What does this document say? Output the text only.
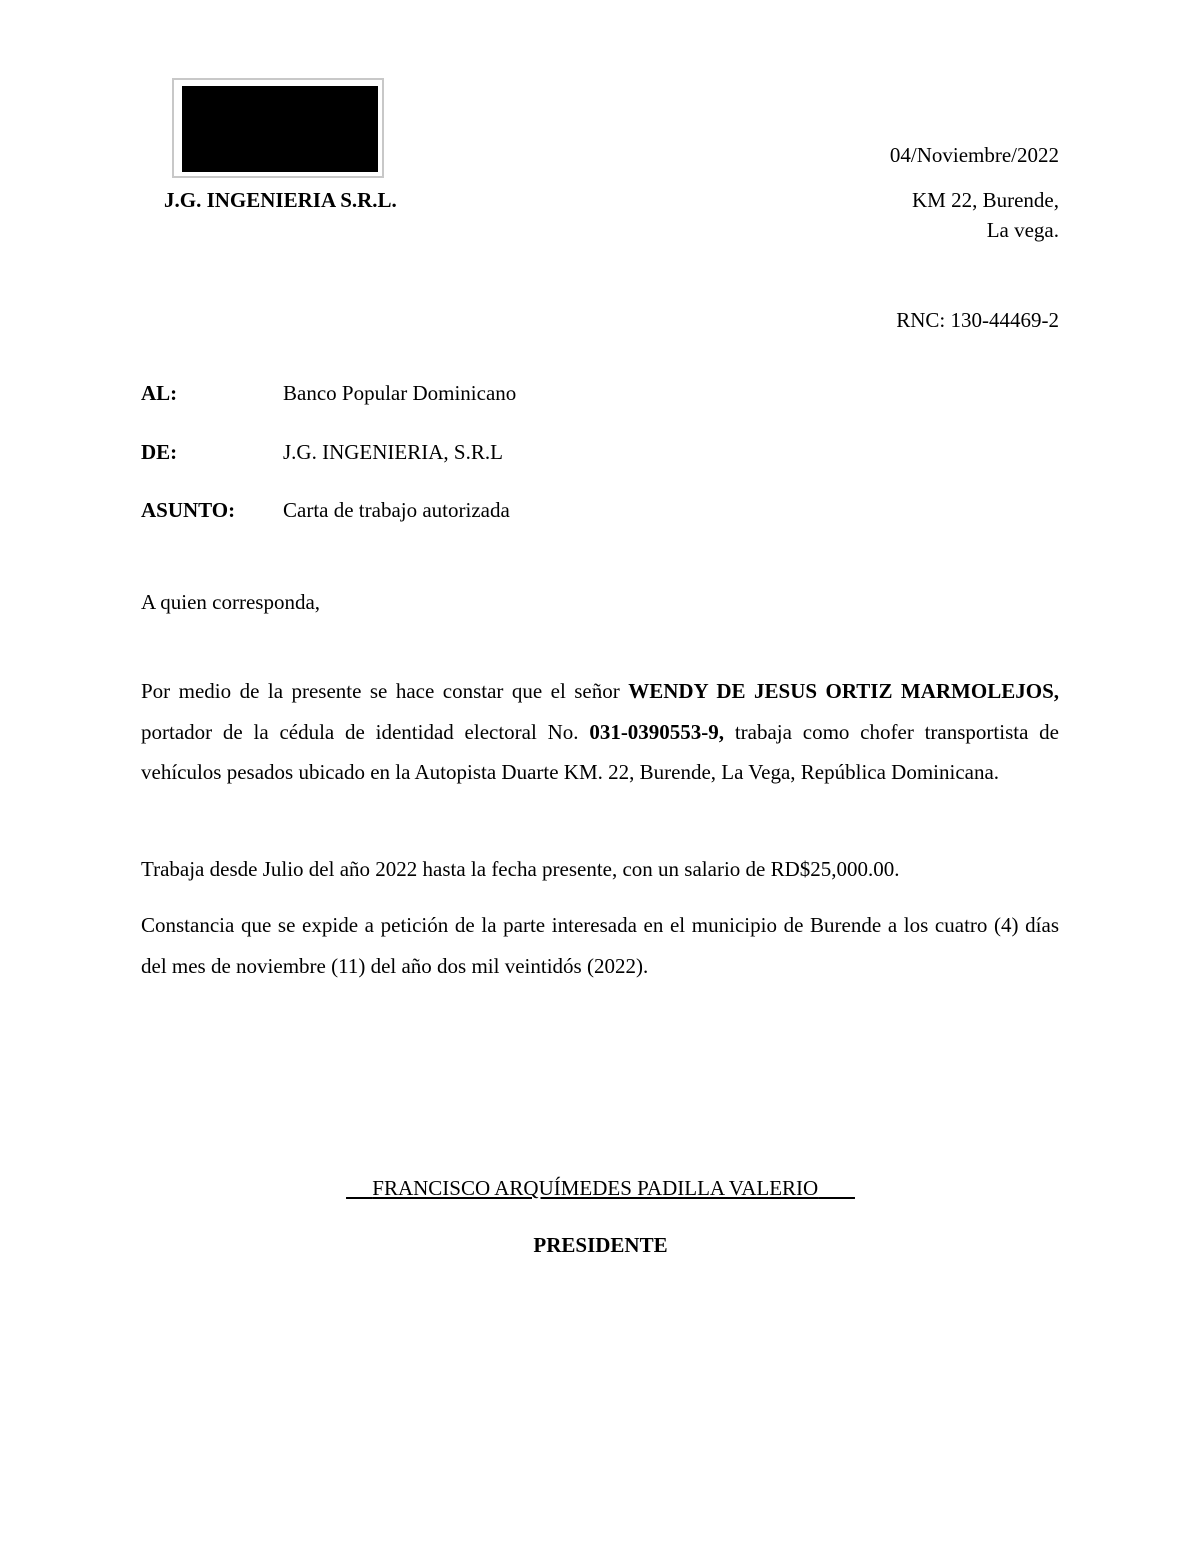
J.G. INGENIERIA S.R.L.
04/Noviembre/2022
KM 22, Burende,
La vega.
RNC: 130-44469-2
AL:	Banco Popular Dominicano
DE:	J.G. INGENIERIA, S.R.L
ASUNTO: Carta de trabajo autorizada
A quien corresponda,
Por medio de la presente se hace constar que el señor WENDY DE JESUS ORTIZ MARMOLEJOS, portador de la cédula de identidad electoral No. 031-0390553-9, trabaja como chofer transportista de vehículos pesados ubicado en la Autopista Duarte KM. 22, Burende, La Vega, República Dominicana.
Trabaja desde Julio del año 2022 hasta la fecha presente, con un salario de RD$25,000.00.
Constancia que se expide a petición de la parte interesada en el municipio de Burende a los cuatro (4) días del mes de noviembre (11) del año dos mil veintidós (2022).
FRANCISCO ARQUÍMEDES PADILLA VALERIO
PRESIDENTE
